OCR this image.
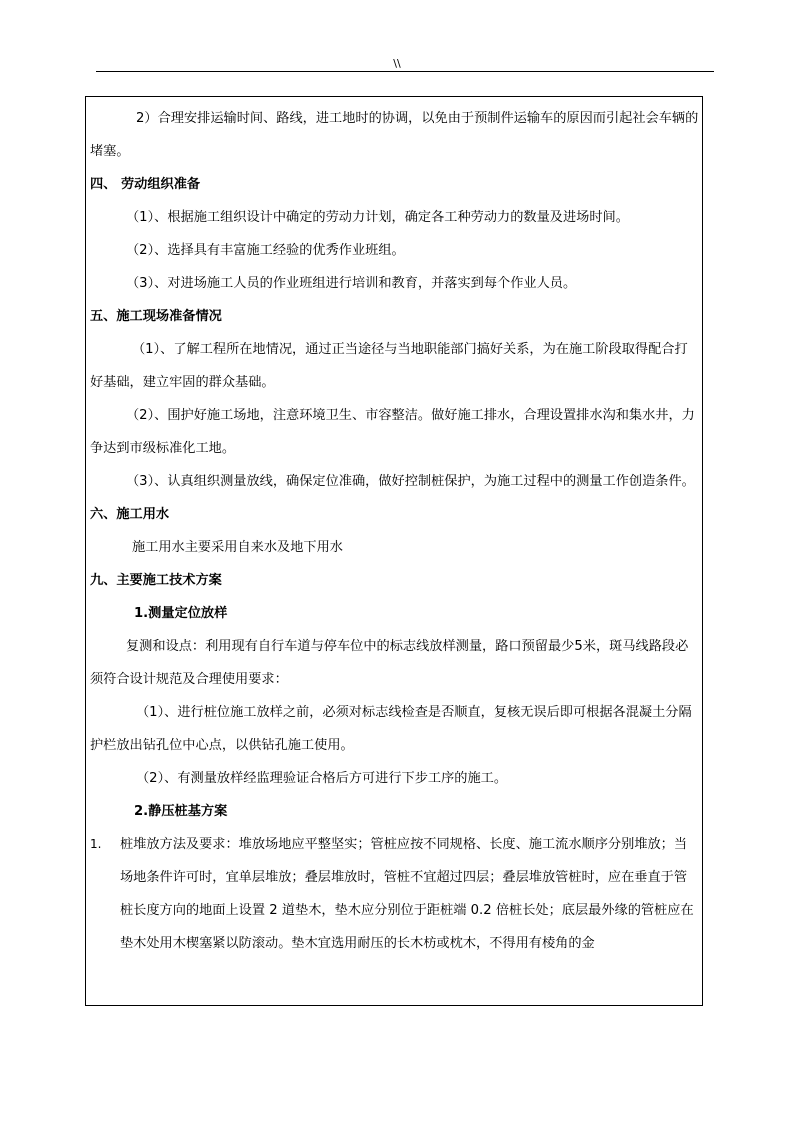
\\

2）合理安排运输时间、路线，进工地时的协调，以免由于预制件运输车的原因而引起社会车辆的堵塞。

四、 劳动组织准备

（1）、根据施工组织设计中确定的劳动力计划，确定各工种劳动力的数量及进场时间。

（2）、选择具有丰富施工经验的优秀作业班组。

（3）、对进场施工人员的作业班组进行培训和教育，并落实到每个作业人员。

五、施工现场准备情况

（1）、了解工程所在地情况，通过正当途径与当地职能部门搞好关系，为在施工阶段取得配合打好基础，建立牢固的群众基础。

（2）、围护好施工场地，注意环境卫生、市容整洁。做好施工排水，合理设置排水沟和集水井，力争达到市级标准化工地。

（3）、认真组织测量放线，确保定位准确，做好控制桩保护，为施工过程中的测量工作创造条件。

六、施工用水

施工用水主要采用自来水及地下用水

九、主要施工技术方案

1.测量定位放样

复测和设点：利用现有自行车道与停车位中的标志线放样测量，路口预留最少5米，斑马线路段必须符合设计规范及合理使用要求：

（1）、进行桩位施工放样之前，必须对标志线检查是否顺直，复核无误后即可根据各混凝土分隔护栏放出钻孔位中心点，以供钻孔施工使用。

（2）、有测量放样经监理验证合格后方可进行下步工序的施工。

2.静压桩基方案

1. 桩堆放方法及要求：堆放场地应平整坚实；管桩应按不同规格、长度、施工流水顺序分别堆放；当场地条件许可时，宜单层堆放；叠层堆放时，管桩不宜超过四层；叠层堆放管桩时，应在垂直于管桩长度方向的地面上设置 2 道垫木，垫木应分别位于距桩端 0.2 倍桩长处；底层最外缘的管桩应在垫木处用木楔塞紧以防滚动。垫木宜选用耐压的长木枋或枕木，不得用有棱角的金
